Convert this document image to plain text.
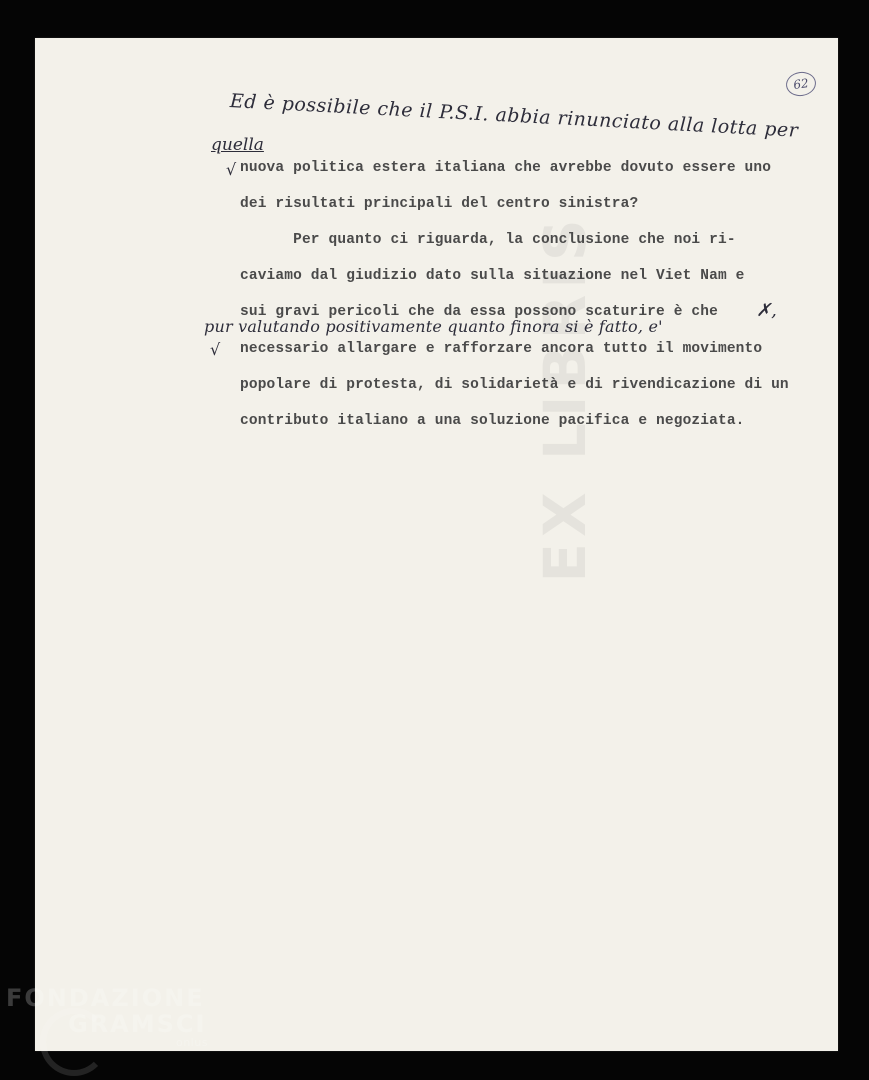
EX LIBRIS
62
Ed è possibile che il P.S.I. abbia rinunciato alla lotta per
quella
√ nuova politica estera italiana che avrebbe dovuto essere uno
dei risultati principali del centro sinistra?
Per quanto ci riguarda, la conclusione che noi ri-
caviamo dal giudizio dato sulla situazione nel Viet Nam e
sui gravi pericoli che da essa possono scaturire è che ✗,
pur valutando positivamente quanto finora si è fatto, e'
√ necessario allargare e rafforzare ancora tutto il movimento
popolare di protesta, di solidarietà e di rivendicazione di un
contributo italiano a una soluzione pacifica e negoziata.
FONDAZIONE
GRAMSCI
onlus
